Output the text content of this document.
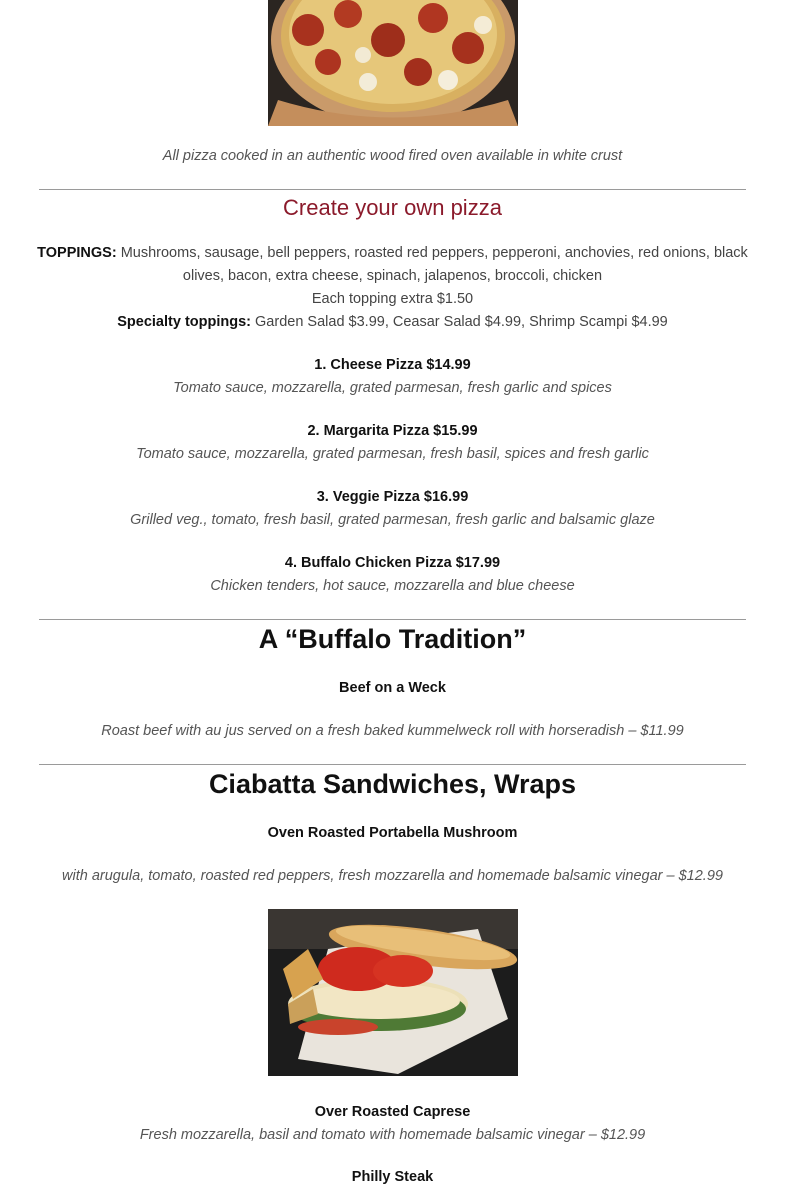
All pizza cooked in an authentic wood fired oven available in white crust
Create your own pizza
TOPPINGS: Mushrooms, sausage, bell peppers, roasted red peppers, pepperoni, anchovies, red onions, black
olives, bacon, extra cheese, spinach, jalapenos, broccoli, chicken
Each topping extra $1.50
Specialty toppings: Garden Salad $3.99, Ceasar Salad $4.99, Shrimp Scampi $4.99
1. Cheese Pizza $14.99
Tomato sauce, mozzarella, grated parmesan, fresh garlic and spices
2. Margarita Pizza $15.99
Tomato sauce, mozzarella, grated parmesan, fresh basil, spices and fresh garlic
3. Veggie Pizza $16.99
Grilled veg., tomato, fresh basil, grated parmesan, fresh garlic and balsamic glaze
4. Buffalo Chicken Pizza $17.99
Chicken tenders, hot sauce, mozzarella and blue cheese
A “Buffalo Tradition”
Beef on a Weck
Roast beef with au jus served on a fresh baked kummelweck roll with horseradish – $11.99
Ciabatta Sandwiches, Wraps
Oven Roasted Portabella Mushroom
with arugula, tomato, roasted red peppers, fresh mozzarella and homemade balsamic vinegar – $12.99
Over Roasted Caprese
Fresh mozzarella, basil and tomato with homemade balsamic vinegar – $12.99
Philly Steak
